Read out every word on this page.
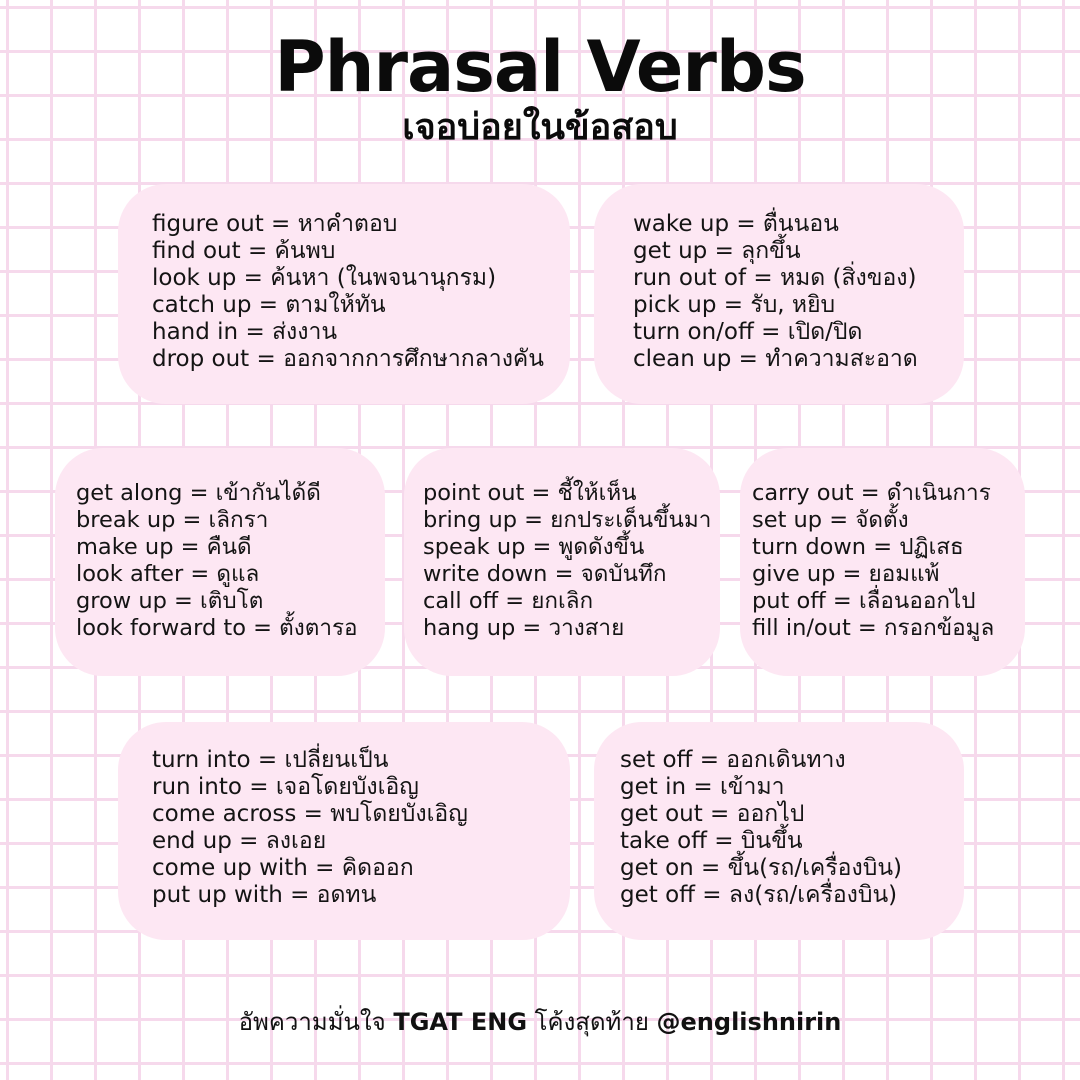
Phrasal Verbs
เจอบ่อยในข้อสอบ
figure out = หาคำตอบ
find out = ค้นพบ
look up = ค้นหา (ในพจนานุกรม)
catch up = ตามให้ทัน
hand in = ส่งงาน
drop out = ออกจากการศึกษากลางคัน
wake up = ตื่นนอน
get up = ลุกขึ้น
run out of = หมด (สิ่งของ)
pick up = รับ, หยิบ
turn on/off = เปิด/ปิด
clean up = ทำความสะอาด
get along = เข้ากันได้ดี
break up = เลิกรา
make up = คืนดี
look after = ดูแล
grow up = เติบโต
look forward to = ตั้งตารอ
point out = ชี้ให้เห็น
bring up = ยกประเด็นขึ้นมา
speak up = พูดดังขึ้น
write down = จดบันทึก
call off = ยกเลิก
hang up = วางสาย
carry out = ดำเนินการ
set up = จัดตั้ง
turn down = ปฏิเสธ
give up = ยอมแพ้
put off = เลื่อนออกไป
fill in/out = กรอกข้อมูล
turn into = เปลี่ยนเป็น
run into = เจอโดยบังเอิญ
come across = พบโดยบังเอิญ
end up = ลงเอย
come up with = คิดออก
put up with = อดทน
set off = ออกเดินทาง
get in = เข้ามา
get out = ออกไป
take off = บินขึ้น
get on = ขึ้น(รถ/เครื่องบิน)
get off = ลง(รถ/เครื่องบิน)
อัพความมั่นใจ TGAT ENG โค้งสุดท้าย @englishnirin
